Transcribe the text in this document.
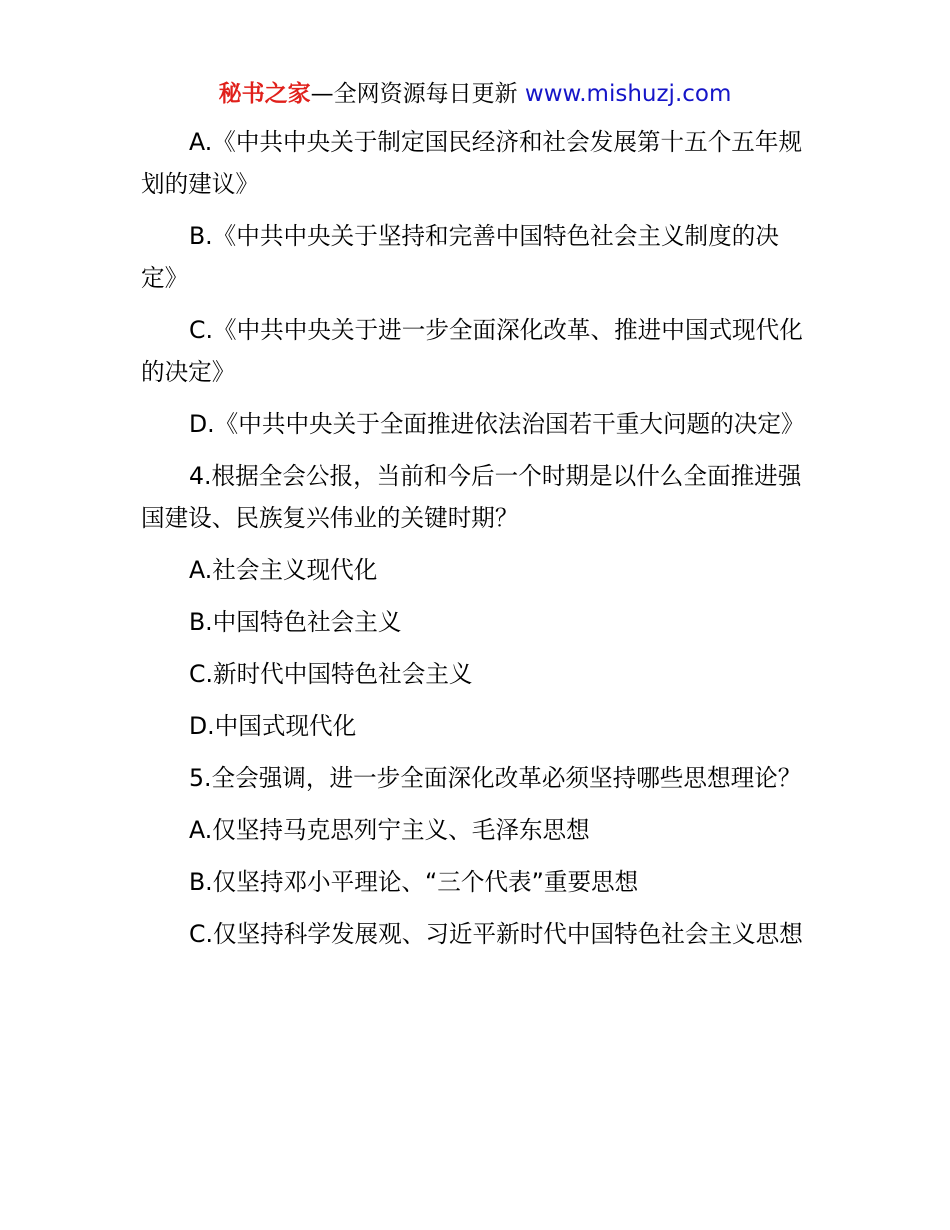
秘书之家—全网资源每日更新 www.mishuzj.com

A.《中共中央关于制定国民经济和社会发展第十五个五年规划的建议》

B.《中共中央关于坚持和完善中国特色社会主义制度的决定》

C.《中共中央关于进一步全面深化改革、推进中国式现代化的决定》

D.《中共中央关于全面推进依法治国若干重大问题的决定》

4.根据全会公报，当前和今后一个时期是以什么全面推进强国建设、民族复兴伟业的关键时期？

A.社会主义现代化

B.中国特色社会主义

C.新时代中国特色社会主义

D.中国式现代化

5.全会强调，进一步全面深化改革必须坚持哪些思想理论？

A.仅坚持马克思列宁主义、毛泽东思想

B.仅坚持邓小平理论、“三个代表”重要思想

C.仅坚持科学发展观、习近平新时代中国特色社会主义思想
